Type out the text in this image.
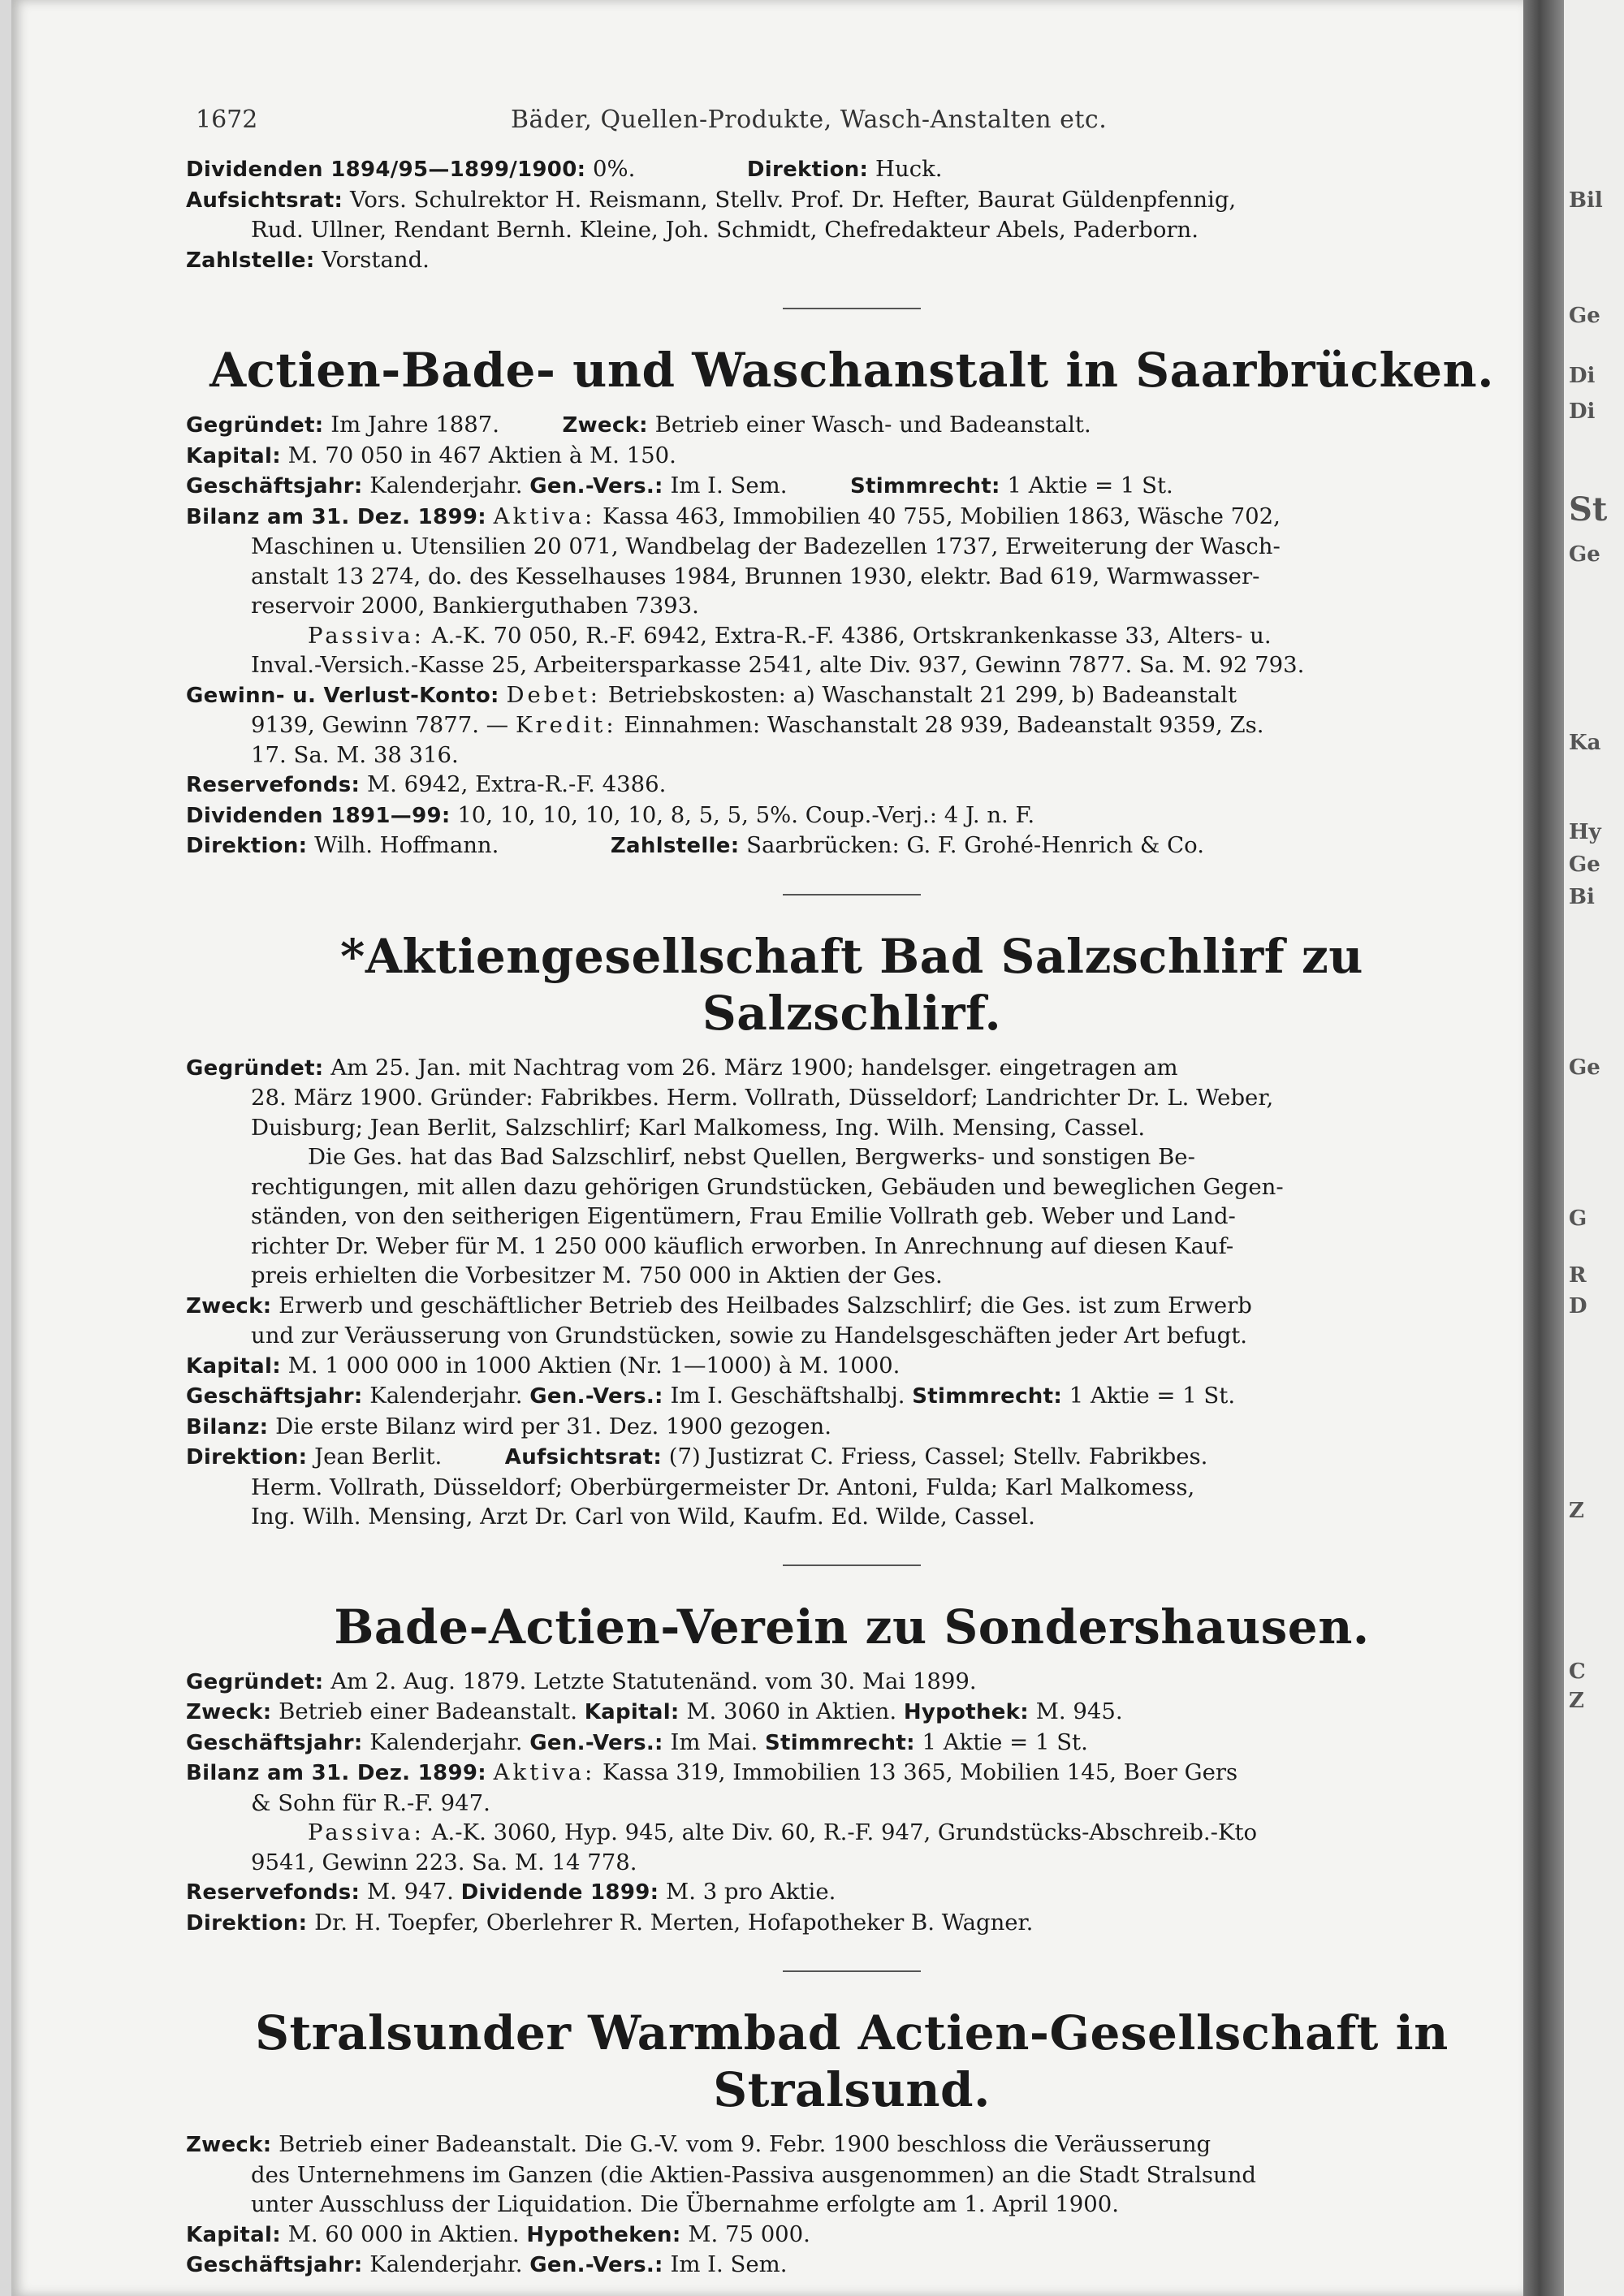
1672	Bäder, Quellen-Produkte, Wasch-Anstalten etc.

Dividenden 1894/95—1899/1900: 0%.	Direktion: Huck.

Aufsichtsrat: Vors. Schulrektor H. Reismann, Stellv. Prof. Dr. Hefter, Baurat Güldenpfennig,

Rud. Ullner, Rendant Bernh. Kleine, Joh. Schmidt, Chefredakteur Abels, Paderborn.

Zahlstelle: Vorstand.

Actien-Bade- und Waschanstalt in Saarbrücken.

Gegründet: Im Jahre 1887.	Zweck: Betrieb einer Wasch- und Badeanstalt.

Kapital: M. 70 050 in 467 Aktien à M. 150.

Geschäftsjahr: Kalenderjahr. Gen.-Vers.: Im I. Sem.	Stimmrecht: 1 Aktie = 1 St.

Bilanz am 31. Dez. 1899: Aktiva: Kassa 463, Immobilien 40 755, Mobilien 1863, Wäsche 702,

Maschinen u. Utensilien 20 071, Wandbelag der Badezellen 1737, Erweiterung der Wasch-

anstalt 13 274, do. des Kesselhauses 1984, Brunnen 1930, elektr. Bad 619, Warmwasser-

reservoir 2000, Bankierguthaben 7393.

Passiva: A.-K. 70 050, R.-F. 6942, Extra-R.-F. 4386, Ortskrankenkasse 33, Alters- u.

Inval.-Versich.-Kasse 25, Arbeitersparkasse 2541, alte Div. 937, Gewinn 7877. Sa. M. 92 793.

Gewinn- u. Verlust-Konto: Debet: Betriebskosten: a) Waschanstalt 21 299, b) Badeanstalt

9139, Gewinn 7877. — Kredit: Einnahmen: Waschanstalt 28 939, Badeanstalt 9359, Zs.

17. Sa. M. 38 316.

Reservefonds: M. 6942, Extra-R.-F. 4386.

Dividenden 1891—99: 10, 10, 10, 10, 10, 8, 5, 5, 5%. Coup.-Verj.: 4 J. n. F.

Direktion: Wilh. Hoffmann.	Zahlstelle: Saarbrücken: G. F. Grohé-Henrich & Co.

*Aktiengesellschaft Bad Salzschlirf zu Salzschlirf.

Gegründet: Am 25. Jan. mit Nachtrag vom 26. März 1900; handelsger. eingetragen am

28. März 1900. Gründer: Fabrikbes. Herm. Vollrath, Düsseldorf; Landrichter Dr. L. Weber,

Duisburg; Jean Berlit, Salzschlirf; Karl Malkomess, Ing. Wilh. Mensing, Cassel.

Die Ges. hat das Bad Salzschlirf, nebst Quellen, Bergwerks- und sonstigen Be-

rechtigungen, mit allen dazu gehörigen Grundstücken, Gebäuden und beweglichen Gegen-

ständen, von den seitherigen Eigentümern, Frau Emilie Vollrath geb. Weber und Land-

richter Dr. Weber für M. 1 250 000 käuflich erworben. In Anrechnung auf diesen Kauf-

preis erhielten die Vorbesitzer M. 750 000 in Aktien der Ges.

Zweck: Erwerb und geschäftlicher Betrieb des Heilbades Salzschlirf; die Ges. ist zum Erwerb

und zur Veräusserung von Grundstücken, sowie zu Handelsgeschäften jeder Art befugt.

Kapital: M. 1 000 000 in 1000 Aktien (Nr. 1—1000) à M. 1000.

Geschäftsjahr: Kalenderjahr. Gen.-Vers.: Im I. Geschäftshalbj. Stimmrecht: 1 Aktie = 1 St.

Bilanz: Die erste Bilanz wird per 31. Dez. 1900 gezogen.

Direktion: Jean Berlit.	Aufsichtsrat: (7) Justizrat C. Friess, Cassel; Stellv. Fabrikbes.

Herm. Vollrath, Düsseldorf; Oberbürgermeister Dr. Antoni, Fulda; Karl Malkomess,

Ing. Wilh. Mensing, Arzt Dr. Carl von Wild, Kaufm. Ed. Wilde, Cassel.

Bade-Actien-Verein zu Sondershausen.

Gegründet: Am 2. Aug. 1879. Letzte Statutenänd. vom 30. Mai 1899.

Zweck: Betrieb einer Badeanstalt. Kapital: M. 3060 in Aktien. Hypothek: M. 945.

Geschäftsjahr: Kalenderjahr. Gen.-Vers.: Im Mai. Stimmrecht: 1 Aktie = 1 St.

Bilanz am 31. Dez. 1899: Aktiva: Kassa 319, Immobilien 13 365, Mobilien 145, Boer Gers

& Sohn für R.-F. 947.

Passiva: A.-K. 3060, Hyp. 945, alte Div. 60, R.-F. 947, Grundstücks-Abschreib.-Kto

9541, Gewinn 223. Sa. M. 14 778.

Reservefonds: M. 947. Dividende 1899: M. 3 pro Aktie.

Direktion: Dr. H. Toepfer, Oberlehrer R. Merten, Hofapotheker B. Wagner.

Stralsunder Warmbad Actien-Gesellschaft in Stralsund.

Zweck: Betrieb einer Badeanstalt. Die G.-V. vom 9. Febr. 1900 beschloss die Veräusserung

des Unternehmens im Ganzen (die Aktien-Passiva ausgenommen) an die Stadt Stralsund

unter Ausschluss der Liquidation. Die Übernahme erfolgte am 1. April 1900.

Kapital: M. 60 000 in Aktien. Hypotheken: M. 75 000.

Geschäftsjahr: Kalenderjahr. Gen.-Vers.: Im I. Sem.

Bil
Ge
Di
Di
St
Ge
Ka
Hy
Ge
Bi
Ge
G
R
D
Z
C
Z
